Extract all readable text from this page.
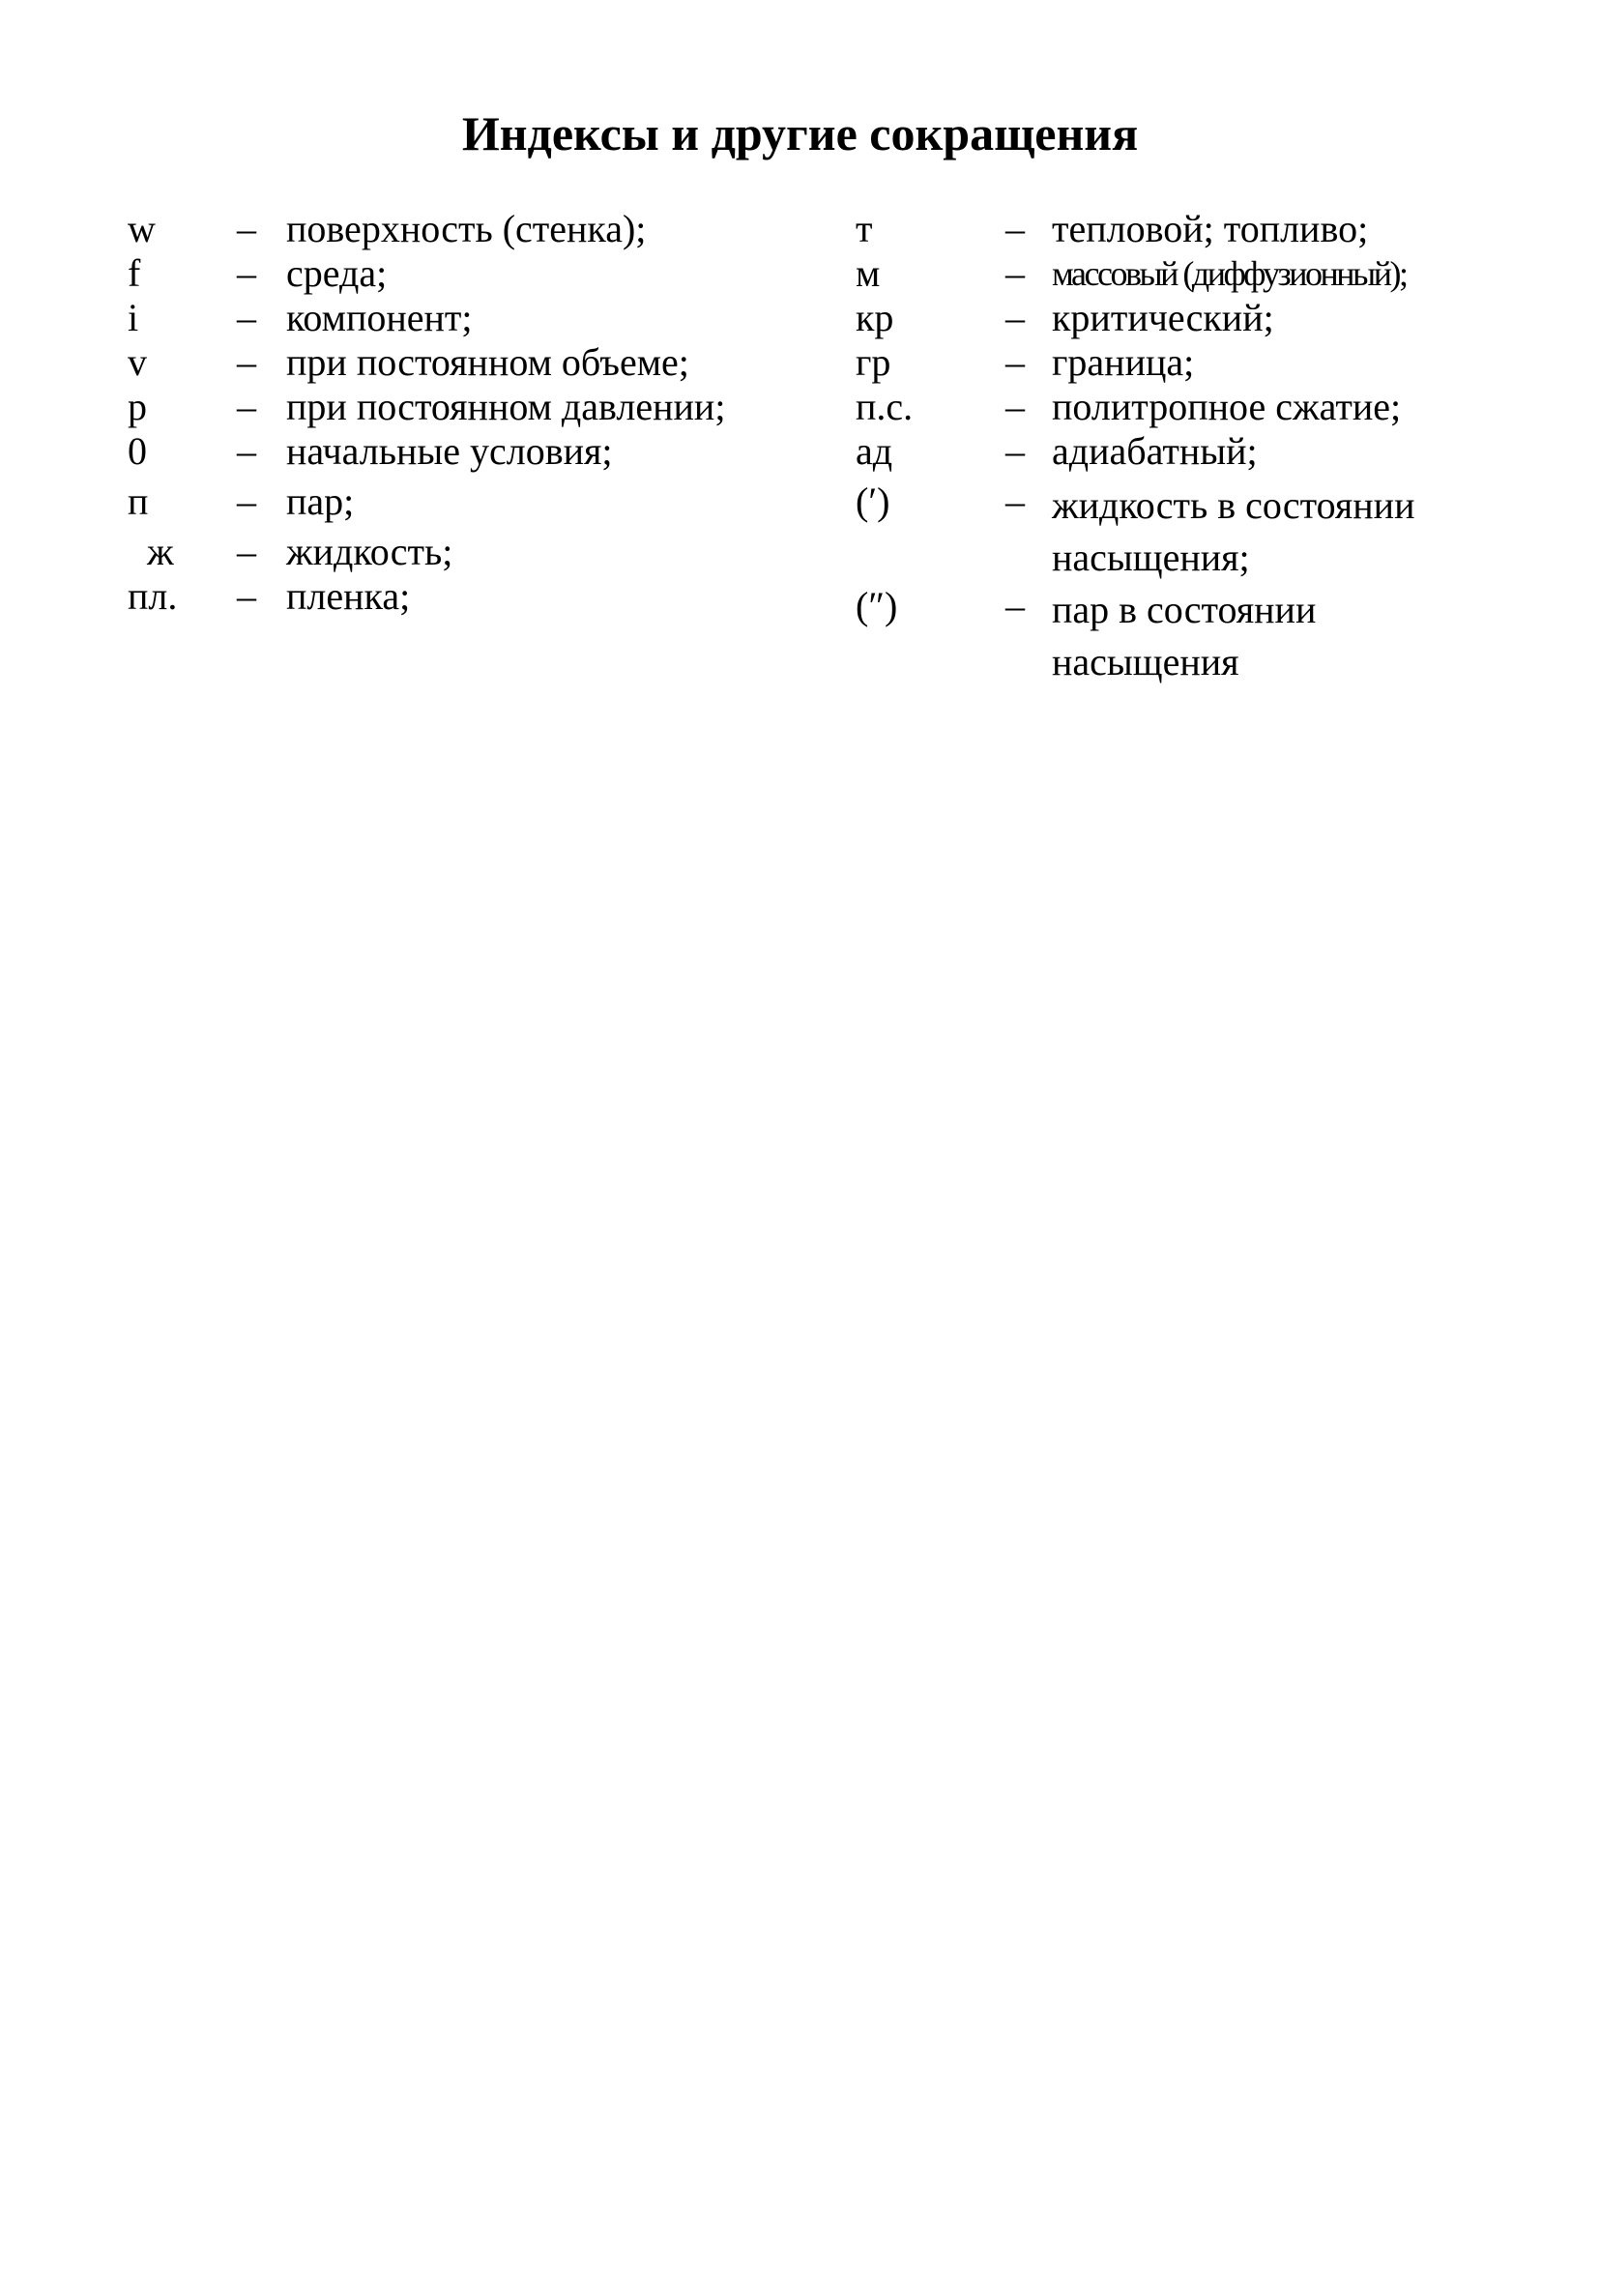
Индексы и другие сокращения
w – поверхность (стенка);
f – среда;
i	– компонент;
v – при постоянном объеме;
р – при постоянном давлении;
0 – начальные условия;
п – пар;
ж – жидкость;
пл. – пленка;
т	– тепловой; топливо;
м	– массовый (диффузионный);
кр	– критический;
гр	– граница;
п.с. – политропное сжатие;
ад	– адиабатный;
(′)	– жидкость в состоянии
насыщения;
(″)	– пар в состоянии
насыщения
